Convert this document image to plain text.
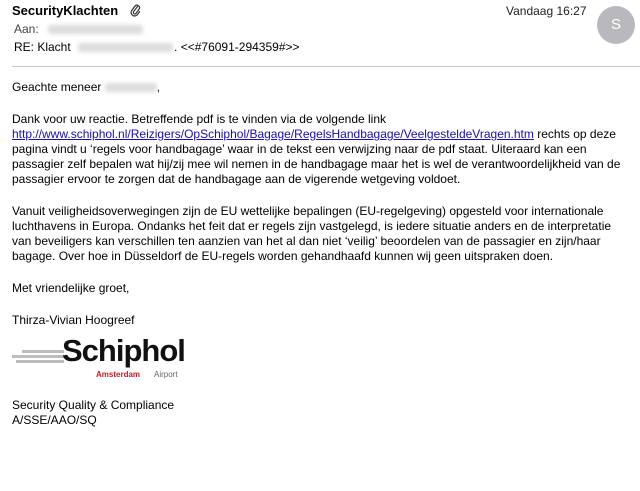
SecurityKlachten	Vandaag 16:27
S
Aan:
RE: Klacht	. <<#76091-294359#>>

Geachte meneer	,

Dank voor uw reactie. Betreffende pdf is te vinden via de volgende link
http://www.schiphol.nl/Reizigers/OpSchiphol/Bagage/RegelsHandbagage/VeelgesteldeVragen.htm rechts op deze pagina vindt u ‘regels voor handbagage’ waar in de tekst een verwijzing naar de pdf staat. Uiteraard kan een passagier zelf bepalen wat hij/zij mee wil nemen in de handbagage maar het is wel de verantwoordelijkheid van de passagier ervoor te zorgen dat de handbagage aan de vigerende wetgeving voldoet.

Vanuit veiligheidsoverwegingen zijn de EU wettelijke bepalingen (EU-regelgeving) opgesteld voor internationale luchthavens in Europa. Ondanks het feit dat er regels zijn vastgelegd, is iedere situatie anders en de interpretatie van beveiligers kan verschillen ten aanzien van het al dan niet ‘veilig’ beoordelen van de passagier en zijn/haar bagage. Over hoe in Düsseldorf de EU-regels worden gehandhaafd kunnen wij geen uitspraken doen.

Met vriendelijke groet,

Thirza-Vivian Hoogreef

Schiphol
Amsterdam Airport

Security Quality & Compliance

A/SSE/AAO/SQ
